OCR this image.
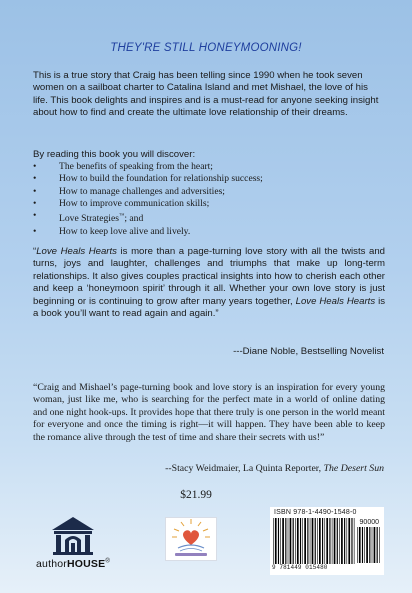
THEY'RE STILL HONEYMOONING!
This is a true story that Craig has been telling since 1990 when he took seven women on a sailboat charter to Catalina Island and met Mishael, the love of his life. This book delights and inspires and is a must-read for anyone seeking insight about how to find and create the ultimate love relationship of their dreams.
By reading this book you will discover:
• The benefits of speaking from the heart;
• How to build the foundation for relationship success;
• How to manage challenges and adversities;
• How to improve communication skills;
• Love Strategies™; and
• How to keep love alive and lively.
“Love Heals Hearts is more than a page-turning love story with all the twists and turns, joys and laughter, challenges and triumphs that make up long-term relationships. It also gives couples practical insights into how to cherish each other and keep a ‘honeymoon spirit’ through it all. Whether your own love story is just beginning or is continuing to grow after many years together, Love Heals Hearts is a book you’ll want to read again and again.”
---Diane Noble, Bestselling Novelist
“Craig and Mishael’s page-turning book and love story is an inspiration for every young woman, just like me, who is searching for the perfect mate in a world of online dating and one night hook-ups. It provides hope that there truly is one person in the world meant for everyone and once the timing is right—it will happen. They have been able to keep the romance alive through the test of time and share their secrets with us!”
--Stacy Weidmaier, La Quinta Reporter, The Desert Sun
$21.99
authorHOUSE®
ISBN 978-1-4490-1548-0
90000
9 781449 015480
